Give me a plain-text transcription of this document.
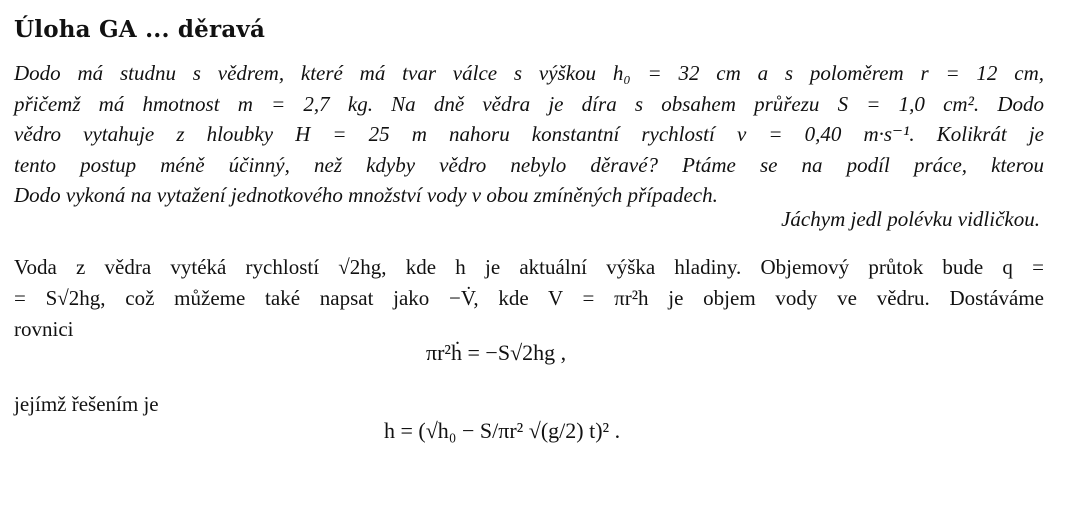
Úloha GA ... děravá
Dodo má studnu s vědrem, které má tvar válce s výškou h₀ = 32 cm a s poloměrem r = 12 cm,
přičemž má hmotnost m = 2,7 kg. Na dně vědra je díra s obsahem průřezu S = 1,0 cm². Dodo
vědro vytahuje z hloubky H = 25 m nahoru konstantní rychlostí v = 0,40 m·s⁻¹. Kolikrát je
tento postup méně účinný, než kdyby vědro nebylo děravé? Ptáme se na podíl práce, kterou
Dodo vykoná na vytažení jednotkového množství vody v obou zmíněných případech.
Jáchym jedl polévku vidličkou.
Voda z vědra vytéká rychlostí √2hg, kde h je aktuální výška hladiny. Objemový průtok bude q =
= S√2hg, což můžeme také napsat jako −V̇, kde V = πr²h je objem vody ve vědru. Dostáváme
rovnici
πr²ḣ = −S√2hg ,
jejímž řešením je
h = (√h₀ − S/πr² √(g/2) t)² .
